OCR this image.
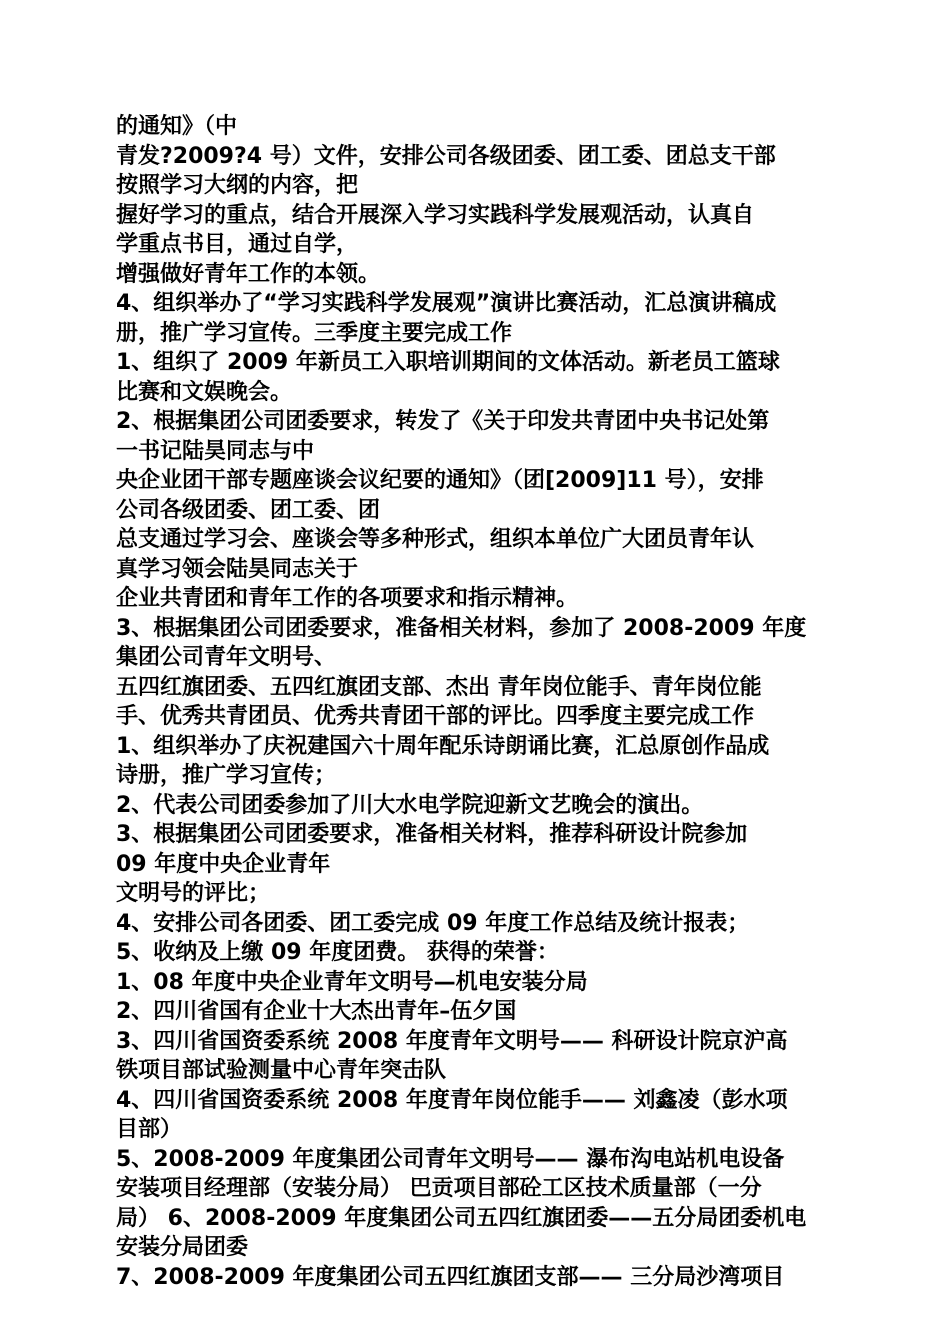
的通知》（中
青发?2009?4 号）文件，安排公司各级团委、团工委、团总支干部
按照学习大纲的内容，把
握好学习的重点，结合开展深入学习实践科学发展观活动，认真自
学重点书目，通过自学，
增强做好青年工作的本领。
4、组织举办了“学习实践科学发展观”演讲比赛活动，汇总演讲稿成
册，推广学习宣传。三季度主要完成工作
1、组织了 2009 年新员工入职培训期间的文体活动。新老员工篮球
比赛和文娱晚会。
2、根据集团公司团委要求，转发了《关于印发共青团中央书记处第
一书记陆昊同志与中
央企业团干部专题座谈会议纪要的通知》（团[2009]11 号），安排
公司各级团委、团工委、团
总支通过学习会、座谈会等多种形式，组织本单位广大团员青年认
真学习领会陆昊同志关于
企业共青团和青年工作的各项要求和指示精神。
3、根据集团公司团委要求，准备相关材料，参加了 2008-2009 年度
集团公司青年文明号、
五四红旗团委、五四红旗团支部、杰出 青年岗位能手、青年岗位能
手、优秀共青团员、优秀共青团干部的评比。四季度主要完成工作
1、组织举办了庆祝建国六十周年配乐诗朗诵比赛，汇总原创作品成
诗册，推广学习宣传；
2、代表公司团委参加了川大水电学院迎新文艺晚会的演出。
3、根据集团公司团委要求，准备相关材料，推荐科研设计院参加
09 年度中央企业青年
文明号的评比；
4、安排公司各团委、团工委完成 09 年度工作总结及统计报表；
5、收纳及上缴 09 年度团费。 获得的荣誉：
1、08 年度中央企业青年文明号—机电安装分局
2、四川省国有企业十大杰出青年–伍夕国
3、四川省国资委系统 2008 年度青年文明号—— 科研设计院京沪高
铁项目部试验测量中心青年突击队
4、四川省国资委系统 2008 年度青年岗位能手—— 刘鑫凌（彭水项
目部）
5、2008-2009 年度集团公司青年文明号—— 瀑布沟电站机电设备
安装项目经理部（安装分局） 巴贡项目部砼工区技术质量部（一分
局） 6、2008-2009 年度集团公司五四红旗团委——五分局团委机电
安装分局团委
7、2008-2009 年度集团公司五四红旗团支部—— 三分局沙湾项目
